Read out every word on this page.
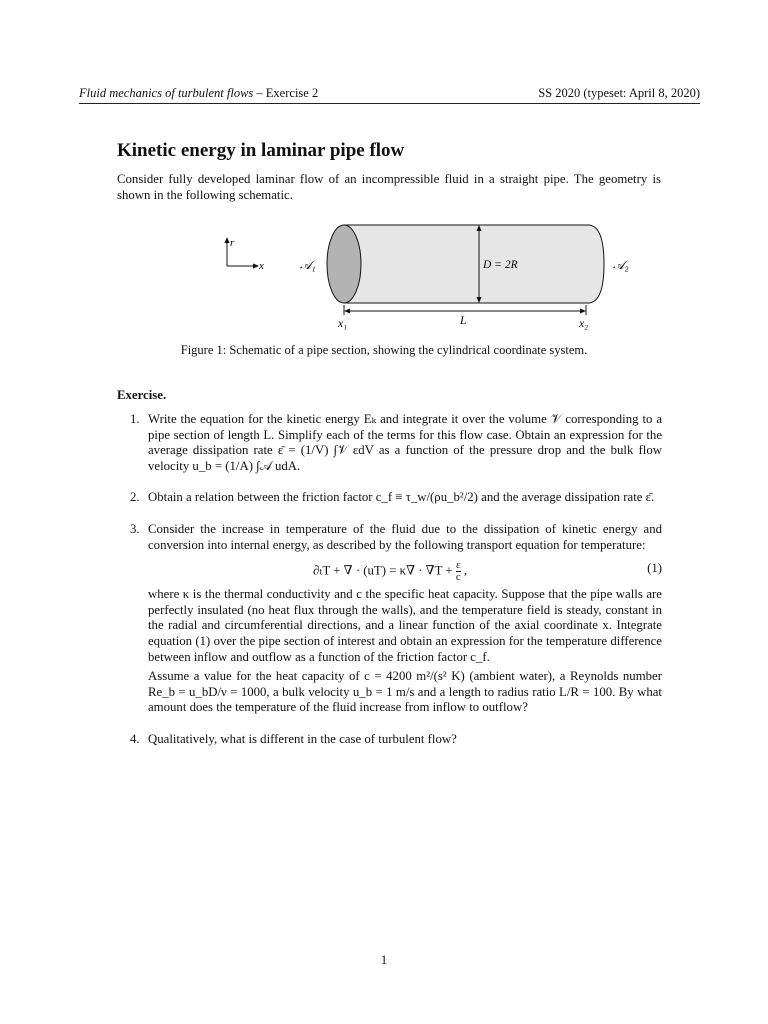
Fluid mechanics of turbulent flows – Exercise 2	SS 2020 (typeset: April 8, 2020)
Kinetic energy in laminar pipe flow

Consider fully developed laminar flow of an incompressible fluid in a straight pipe. The geometry is shown in the following schematic.

r
x	D = 2R
𝒜₁	𝒜₂
x₁	L	x₂
Figure 1: Schematic of a pipe section, showing the cylindrical coordinate system.
Exercise.
1. Write the equation for the kinetic energy Eₖ and integrate it over the volume 𝒱 corresponding to a pipe section of length L. Simplify each of the terms for this flow case. Obtain an expression for the average dissipation rate ε̄ = (1/V) ∫𝒱 εdV as a function of the pressure drop and the bulk flow velocity u_b = (1/A) ∫𝒜 udA.

2. Obtain a relation between the friction factor c_f ≡ τ_w/(ρu_b²/2) and the average dissipation rate ε̄.

3. Consider the increase in temperature of the fluid due to the dissipation of kinetic energy and conversion into internal energy, as described by the following transport equation for temperature:

∂ₜT + ∇ · $(uT) = \kappa\nabla \cdot \nabla T + \frac{\varepsilon}{c}$ ,	(1)

where κ is the thermal conductivity and c the specific heat capacity. Suppose that the pipe walls are perfectly insulated (no heat flux through the walls), and the temperature field is steady, constant in the radial and circumferential directions, and a linear function of the axial coordinate x. Integrate equation (1) over the pipe section of interest and obtain an expression for the temperature difference between inflow and outflow as a function of the friction factor c_f.

Assume a value for the heat capacity of c = 4200 m²/(s² K) (ambient water), a Reynolds number Re_b = u_bD/ν = 1000, a bulk velocity u_b = 1 m/s and a length to radius ratio L/R = 100. By what amount does the temperature of the fluid increase from inflow to outflow?

4. Qualitatively, what is different in the case of turbulent flow?

1
